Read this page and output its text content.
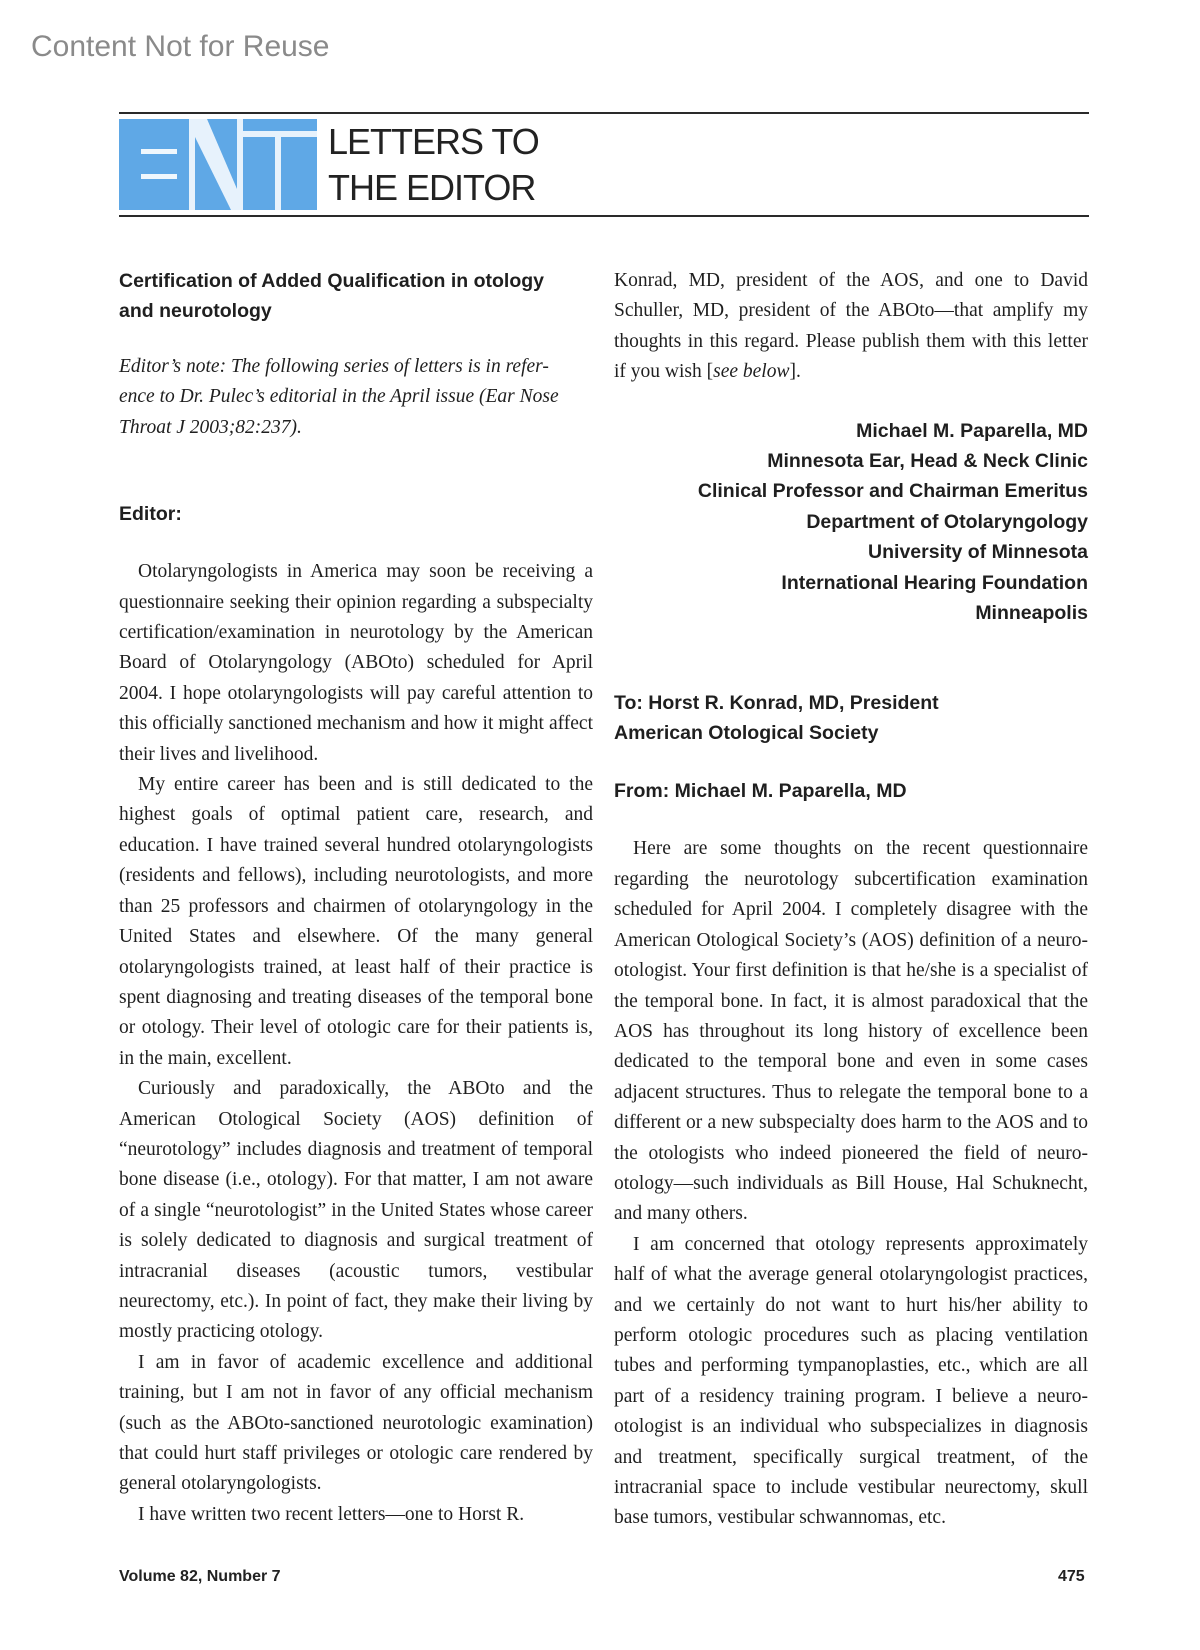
Content Not for Reuse
LETTERS TO
THE EDITOR

Certification of Added Qualification in otology

and neurotology

Editor’s note: The following series of letters is in refer-
ence to Dr. Pulec’s editorial in the April issue (Ear Nose
Throat J 2003;82:237).

Editor:

Otolaryngologists in America may soon be receiving a questionnaire seeking their opinion regarding a subspecialty certification/examination in neurotology by the American Board of Otolaryngology (ABOto) scheduled for April 2004. I hope otolaryngologists will pay careful attention to this officially sanctioned mechanism and how it might affect their lives and livelihood.

My entire career has been and is still dedicated to the highest goals of optimal patient care, research, and education. I have trained several hundred otolaryngologists (residents and fellows), including neurotologists, and more than 25 professors and chairmen of otolaryngology in the United States and elsewhere. Of the many general otolaryngologists trained, at least half of their practice is spent diagnosing and treating diseases of the temporal bone or otology. Their level of otologic care for their patients is, in the main, excellent.

Curiously and paradoxically, the ABOto and the American Otological Society (AOS) definition of “neurotology” includes diagnosis and treatment of temporal bone disease (i.e., otology). For that matter, I am not aware of a single “neurotologist” in the United States whose career is solely dedicated to diagnosis and surgical treatment of intracranial diseases (acoustic tumors, vestibular neurectomy, etc.). In point of fact, they make their living by mostly practicing otology.

I am in favor of academic excellence and additional training, but I am not in favor of any official mechanism (such as the ABOto-sanctioned neurotologic examination) that could hurt staff privileges or otologic care rendered by general otolaryngologists.

I have written two recent letters—one to Horst R.

Konrad, MD, president of the AOS, and one to David Schuller, MD, president of the ABOto—that amplify my thoughts in this regard. Please publish them with this letter if you wish [see below].

Michael M. Paparella, MD

Minnesota Ear, Head & Neck Clinic

Clinical Professor and Chairman Emeritus

Department of Otolaryngology

University of Minnesota

International Hearing Foundation

Minneapolis

To: Horst R. Konrad, MD, President

American Otological Society

From: Michael M. Paparella, MD

Here are some thoughts on the recent questionnaire regarding the neurotology subcertification examination scheduled for April 2004. I completely disagree with the American Otological Society’s (AOS) definition of a neuro-otologist. Your first definition is that he/she is a specialist of the temporal bone. In fact, it is almost paradoxical that the AOS has throughout its long history of excellence been dedicated to the temporal bone and even in some cases adjacent structures. Thus to relegate the temporal bone to a different or a new subspecialty does harm to the AOS and to the otologists who indeed pioneered the field of neuro-otology—such individuals as Bill House, Hal Schuknecht, and many others.

I am concerned that otology represents approximately half of what the average general otolaryngologist practices, and we certainly do not want to hurt his/her ability to perform otologic procedures such as placing ventilation tubes and performing tympanoplasties, etc., which are all part of a residency training program. I believe a neuro-otologist is an individual who subspecializes in diagnosis and treatment, specifically surgical treatment, of the intracranial space to include vestibular neurectomy, skull base tumors, vestibular schwannomas, etc.

Volume 82, Number 7	475
